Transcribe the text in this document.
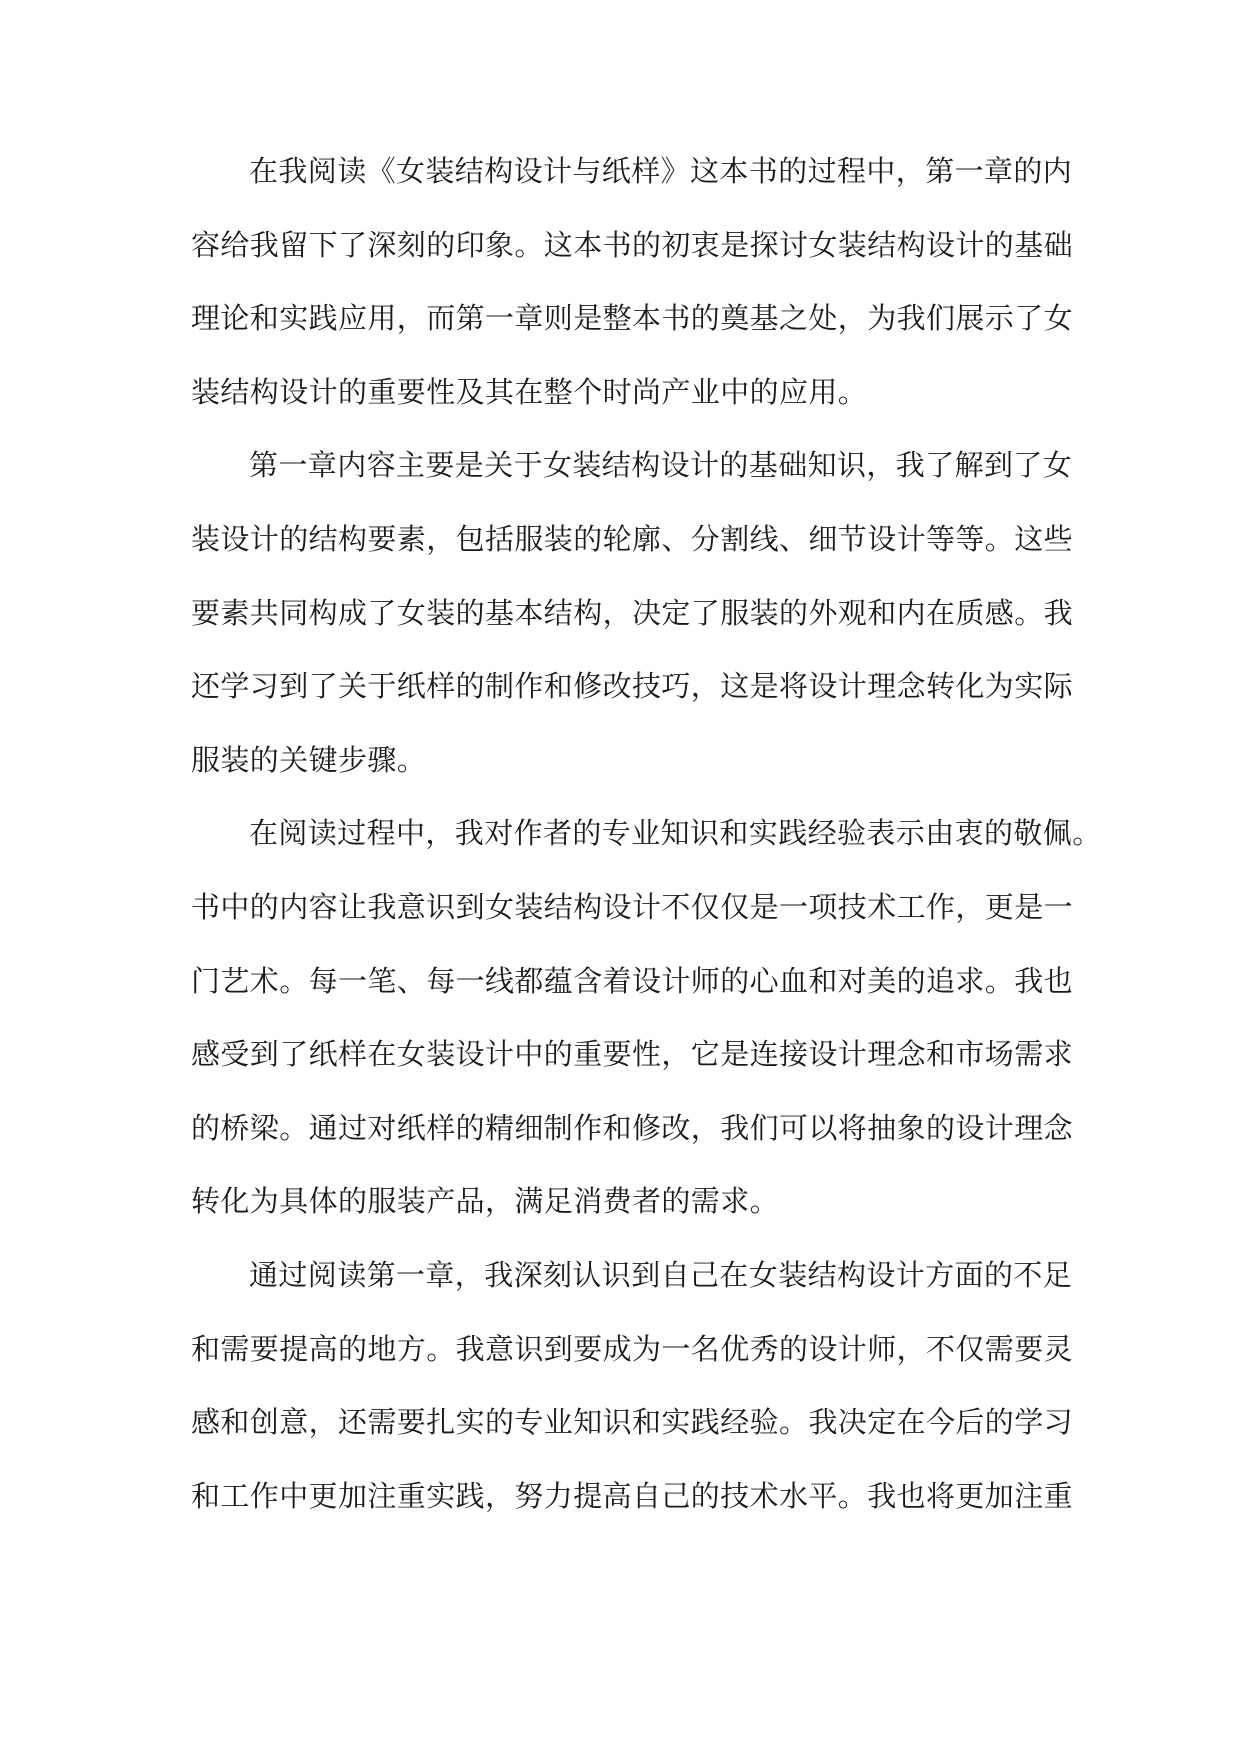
在我阅读《女装结构设计与纸样》这本书的过程中，第一章的内
容给我留下了深刻的印象。这本书的初衷是探讨女装结构设计的基础
理论和实践应用，而第一章则是整本书的奠基之处，为我们展示了女
装结构设计的重要性及其在整个时尚产业中的应用。
第一章内容主要是关于女装结构设计的基础知识，我了解到了女
装设计的结构要素，包括服装的轮廓、分割线、细节设计等等。这些
要素共同构成了女装的基本结构，决定了服装的外观和内在质感。我
还学习到了关于纸样的制作和修改技巧，这是将设计理念转化为实际
服装的关键步骤。
在阅读过程中，我对作者的专业知识和实践经验表示由衷的敬佩。
书中的内容让我意识到女装结构设计不仅仅是一项技术工作，更是一
门艺术。每一笔、每一线都蕴含着设计师的心血和对美的追求。我也
感受到了纸样在女装设计中的重要性，它是连接设计理念和市场需求
的桥梁。通过对纸样的精细制作和修改，我们可以将抽象的设计理念
转化为具体的服装产品，满足消费者的需求。
通过阅读第一章，我深刻认识到自己在女装结构设计方面的不足
和需要提高的地方。我意识到要成为一名优秀的设计师，不仅需要灵
感和创意，还需要扎实的专业知识和实践经验。我决定在今后的学习
和工作中更加注重实践，努力提高自己的技术水平。我也将更加注重
